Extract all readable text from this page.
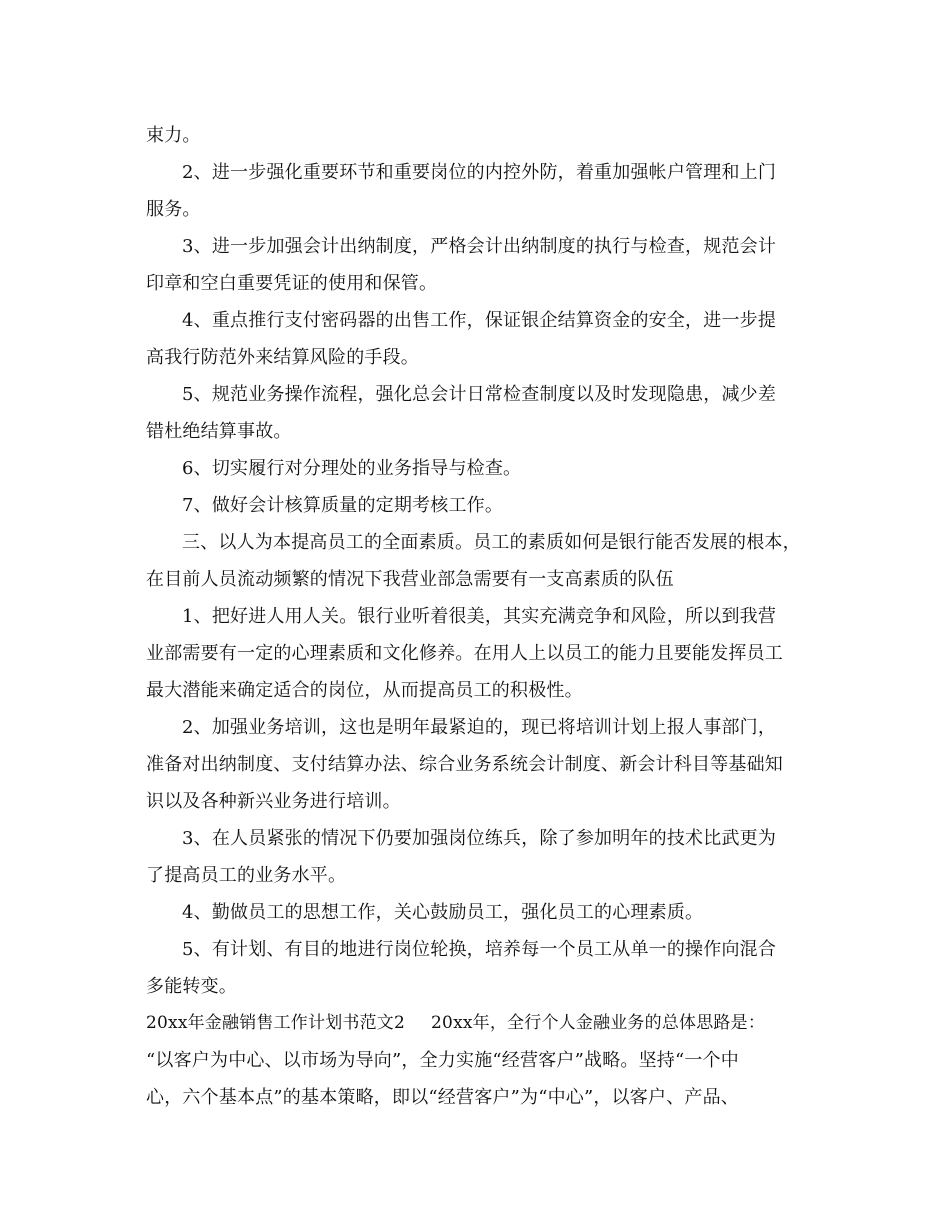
束力。
2、进一步强化重要环节和重要岗位的内控外防，着重加强帐户管理和上门
服务。
3、进一步加强会计出纳制度，严格会计出纳制度的执行与检查，规范会计
印章和空白重要凭证的使用和保管。
4、重点推行支付密码器的出售工作，保证银企结算资金的安全，进一步提
高我行防范外来结算风险的手段。
5、规范业务操作流程，强化总会计日常检查制度以及时发现隐患，减少差
错杜绝结算事故。
6、切实履行对分理处的业务指导与检查。
7、做好会计核算质量的定期考核工作。
三、以人为本提高员工的全面素质。员工的素质如何是银行能否发展的根本，
在目前人员流动频繁的情况下我营业部急需要有一支高素质的队伍
1、把好进人用人关。银行业听着很美，其实充满竞争和风险，所以到我营
业部需要有一定的心理素质和文化修养。在用人上以员工的能力且要能发挥员工
最大潜能来确定适合的岗位，从而提高员工的积极性。
2、加强业务培训，这也是明年最紧迫的，现已将培训计划上报人事部门，
准备对出纳制度、支付结算办法、综合业务系统会计制度、新会计科目等基础知
识以及各种新兴业务进行培训。
3、在人员紧张的情况下仍要加强岗位练兵，除了参加明年的技术比武更为
了提高员工的业务水平。
4、勤做员工的思想工作，关心鼓励员工，强化员工的心理素质。
5、有计划、有目的地进行岗位轮换，培养每一个员工从单一的操作向混合
多能转变。
20xx年金融销售工作计划书范文2 20xx年，全行个人金融业务的总体思路是：
“以客户为中心、以市场为导向”，全力实施“经营客户”战略。坚持“一个中
心，六个基本点”的基本策略，即以“经营客户”为“中心”，以客户、产品、
